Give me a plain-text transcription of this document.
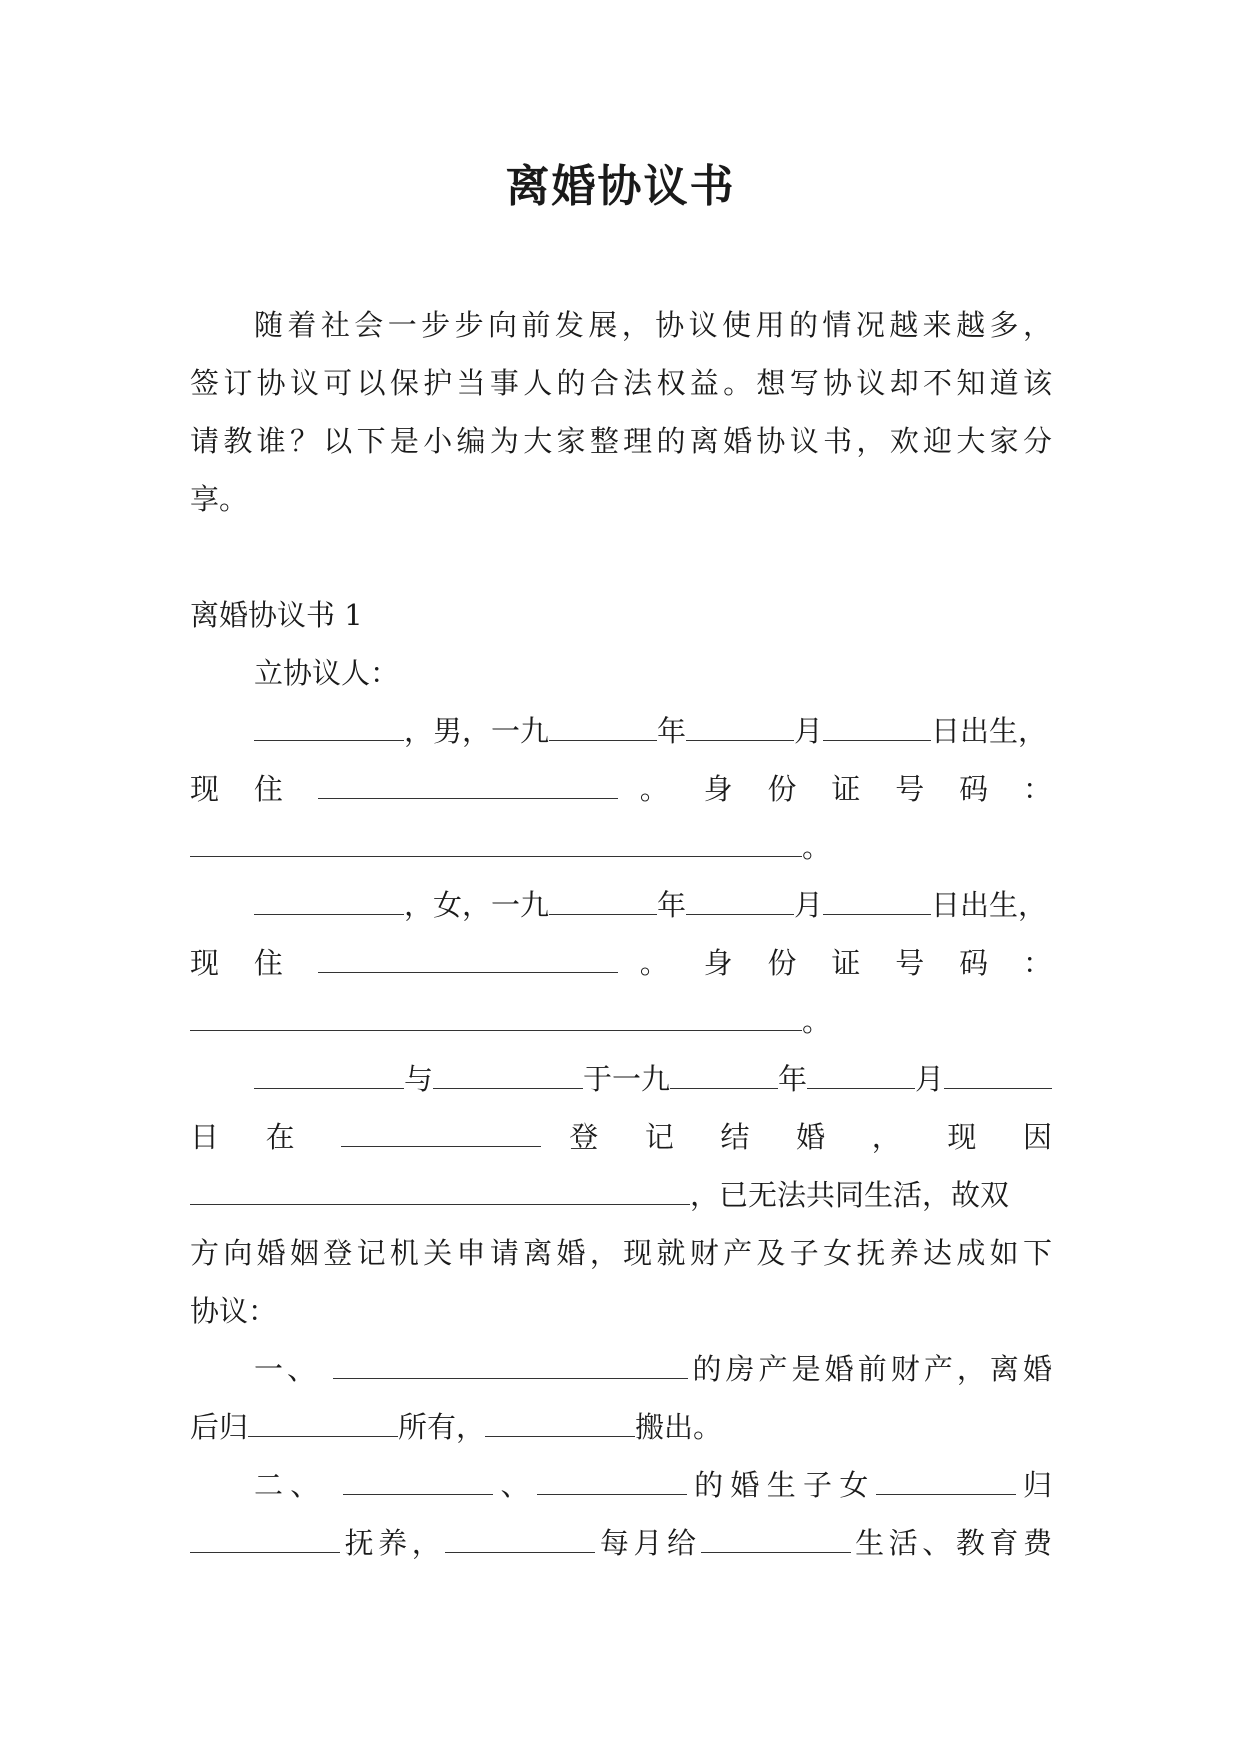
离婚协议书

随着社会一步步向前发展，协议使用的情况越来越多，

签订协议可以保护当事人的合法权益。想写协议却不知道该

请教谁？以下是小编为大家整理的离婚协议书，欢迎大家分

享。

离婚协议书 1

立协议人：

，男，一九	年	月	日出生，

现 住	。 身 份 证 号 码 ：

。

，女，一九	年	月	日出生，

现 住	。 身 份 证 号 码 ：

。

与	于一九	年	月

日 在	登 记 结 婚 ， 现 因

，已无法共同生活，故双

方向婚姻登记机关申请离婚，现就财产及子女抚养达成如下

协议：

一、	的房产是婚前财产，离婚

后归	所有，	搬出。

二、	、	的婚生子女	归

抚养，	每月给	生活、教育费
